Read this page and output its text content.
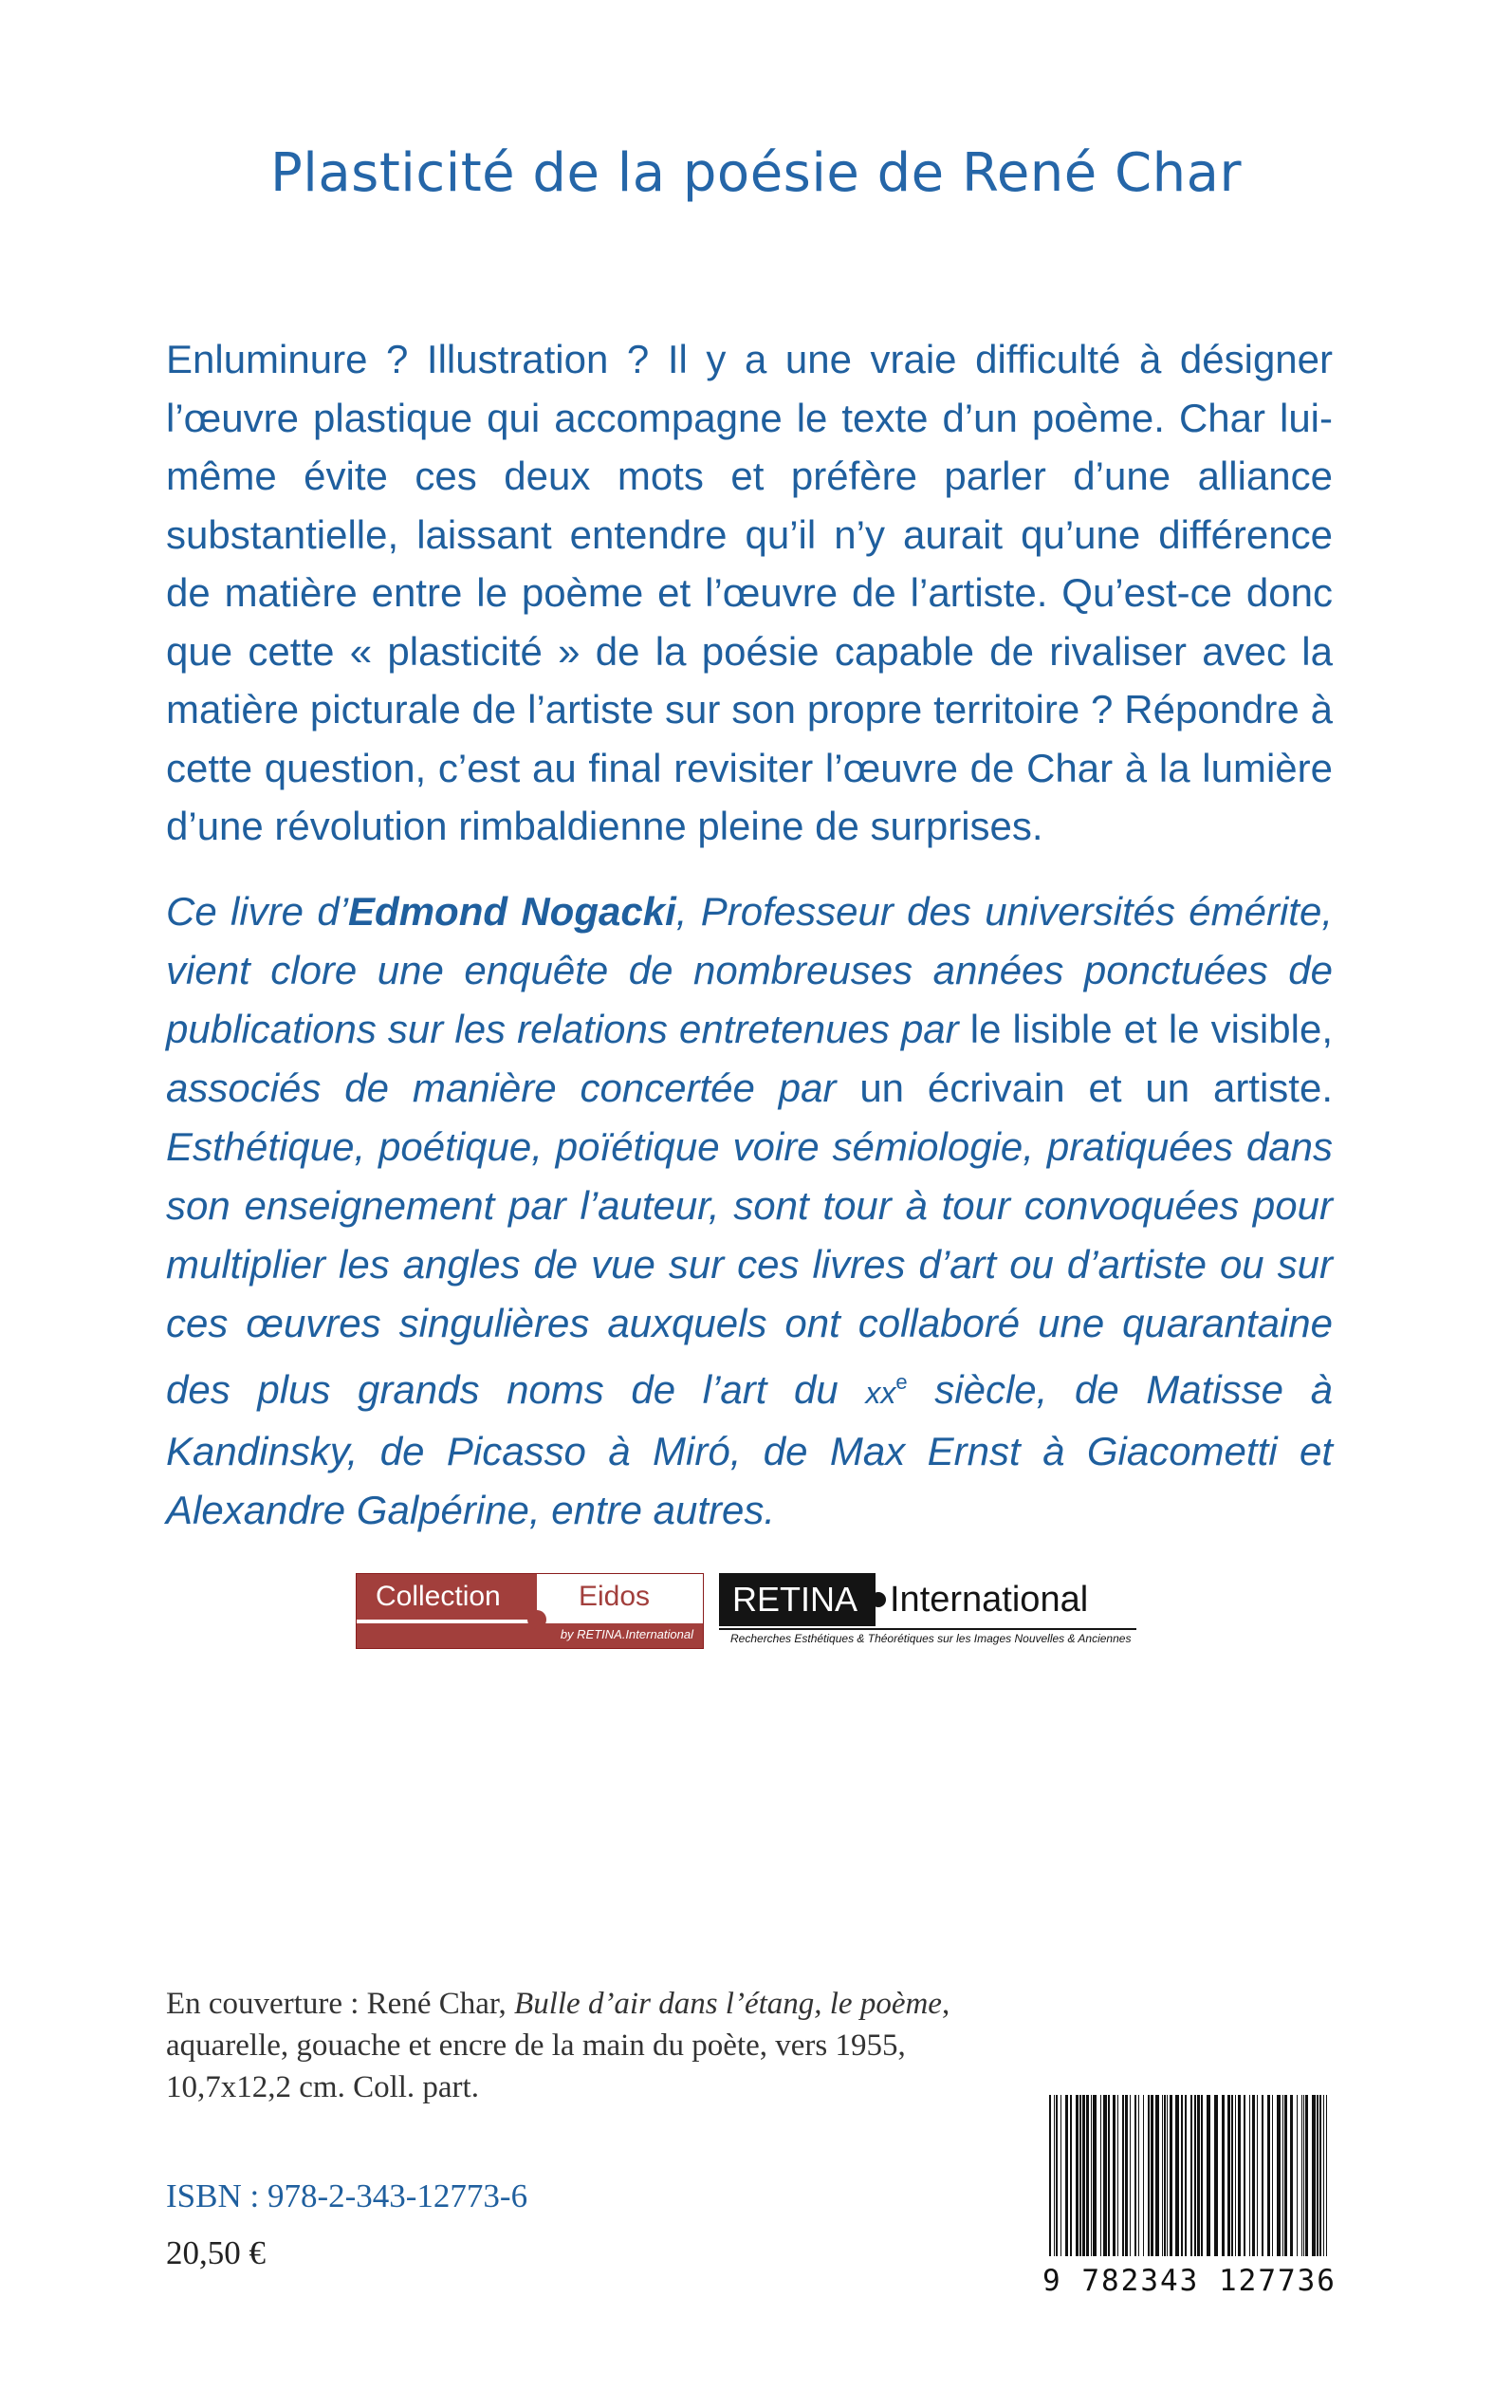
Plasticité de la poésie de René Char
Enluminure ? Illustration ? Il y a une vraie difficulté à désigner l’œuvre plastique qui accompagne le texte d’un poème. Char lui-même évite ces deux mots et préfère parler d’une alliance substantielle, laissant entendre qu’il n’y aurait qu’une différence de matière entre le poème et l’œuvre de l’artiste. Qu’est-ce donc que cette « plasticité » de la poésie capable de rivaliser avec la matière picturale de l’artiste sur son propre territoire ? Répondre à cette question, c’est au final revisiter l’œuvre de Char à la lumière d’une révolution rimbaldienne pleine de surprises.
Ce livre d’Edmond Nogacki, Professeur des universités émérite, vient clore une enquête de nombreuses années ponctuées de publications sur les relations entretenues par le lisible et le visible, associés de manière concertée par un écrivain et un artiste. Esthétique, poétique, poïétique voire sémiologie, pratiquées dans son enseignement par l’auteur, sont tour à tour convoquées pour multiplier les angles de vue sur ces livres d’art ou d’artiste ou sur ces œuvres singulières auxquels ont collaboré une quarantaine des plus grands noms de l’art du $xx^e$ siècle, de Matisse à Kandinsky, de Picasso à Miró, de Max Ernst à Giacometti et Alexandre Galpérine, entre autres.
Collection	Eidos
by RETINA.International
RETINA International
Recherches Esthétiques & Théorétiques sur les Images Nouvelles & Anciennes
En couverture : René Char, Bulle d’air dans l’étang, le poème,
aquarelle, gouache et encre de la main du poète, vers 1955,
10,7x12,2 cm. Coll. part.
ISBN : 978-2-343-12773-6
20,50 €
9 782343 127736
